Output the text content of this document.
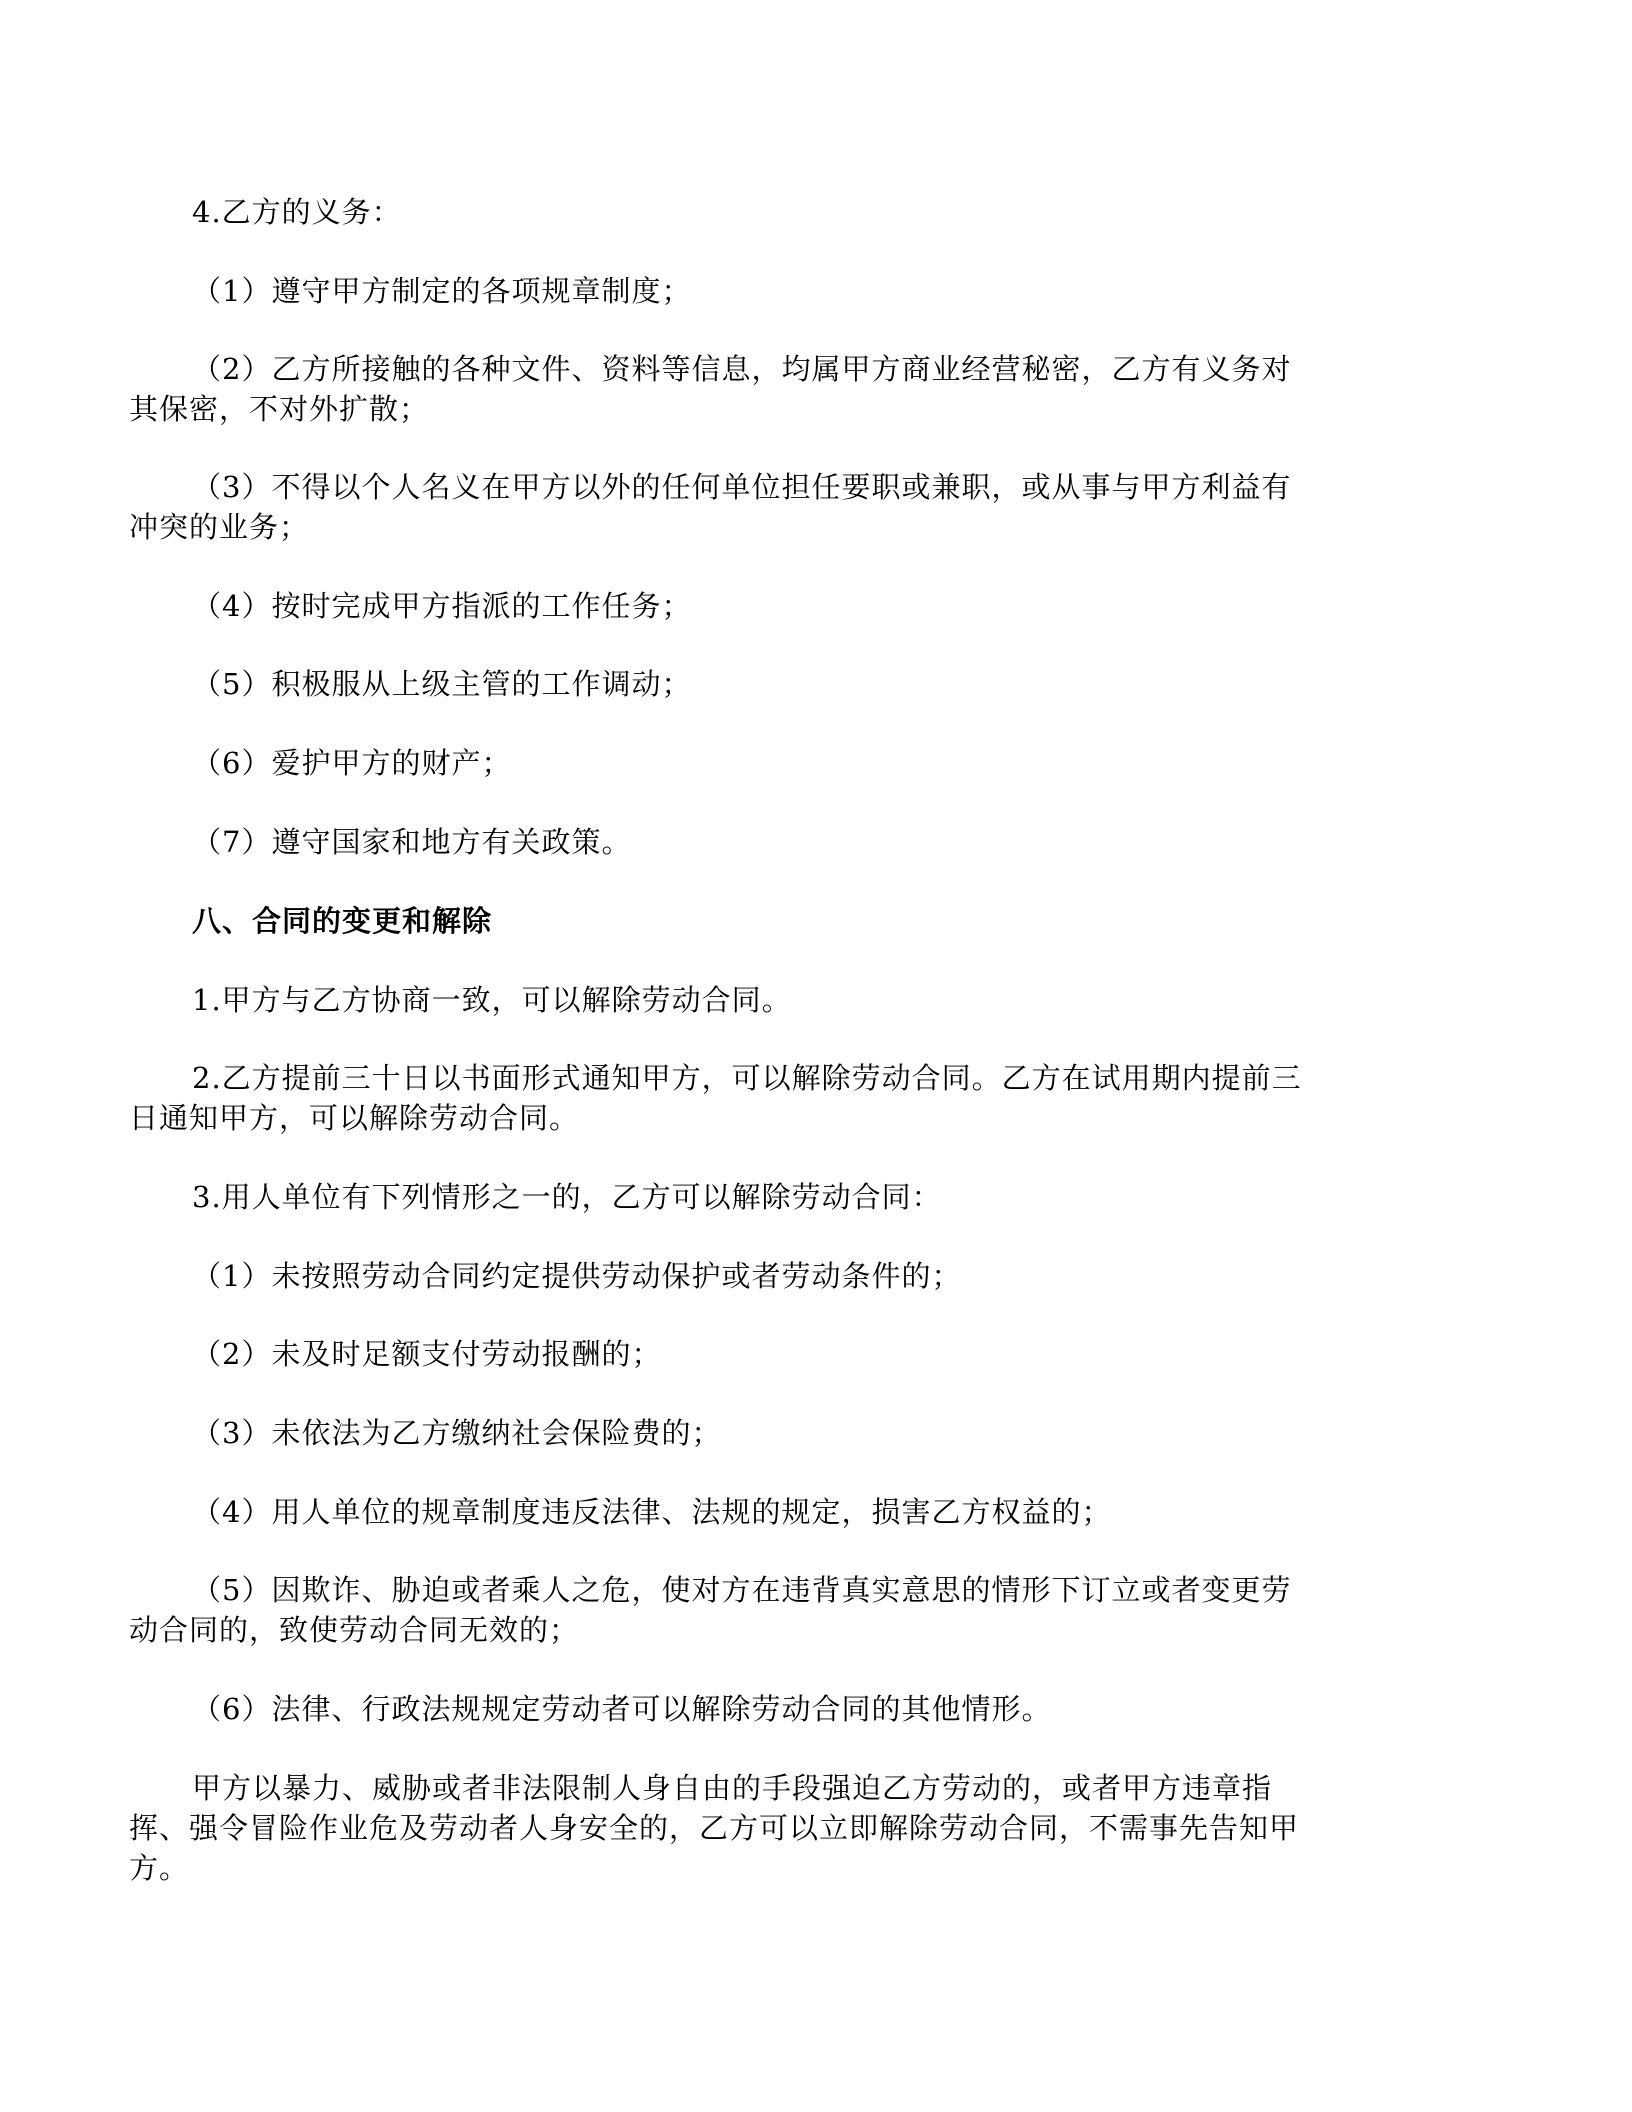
4.乙方的义务：

（1）遵守甲方制定的各项规章制度；

（2）乙方所接触的各种文件、资料等信息，均属甲方商业经营秘密，乙方有义务对
其保密，不对外扩散；

（3）不得以个人名义在甲方以外的任何单位担任要职或兼职，或从事与甲方利益有
冲突的业务；

（4）按时完成甲方指派的工作任务；

（5）积极服从上级主管的工作调动；

（6）爱护甲方的财产；

（7）遵守国家和地方有关政策。

八、合同的变更和解除

1.甲方与乙方协商一致，可以解除劳动合同。

2.乙方提前三十日以书面形式通知甲方，可以解除劳动合同。乙方在试用期内提前三
日通知甲方，可以解除劳动合同。

3.用人单位有下列情形之一的，乙方可以解除劳动合同：

（1）未按照劳动合同约定提供劳动保护或者劳动条件的；

（2）未及时足额支付劳动报酬的；

（3）未依法为乙方缴纳社会保险费的；

（4）用人单位的规章制度违反法律、法规的规定，损害乙方权益的；

（5）因欺诈、胁迫或者乘人之危，使对方在违背真实意思的情形下订立或者变更劳
动合同的，致使劳动合同无效的；

（6）法律、行政法规规定劳动者可以解除劳动合同的其他情形。

甲方以暴力、威胁或者非法限制人身自由的手段强迫乙方劳动的，或者甲方违章指
挥、强令冒险作业危及劳动者人身安全的，乙方可以立即解除劳动合同，不需事先告知甲
方。
